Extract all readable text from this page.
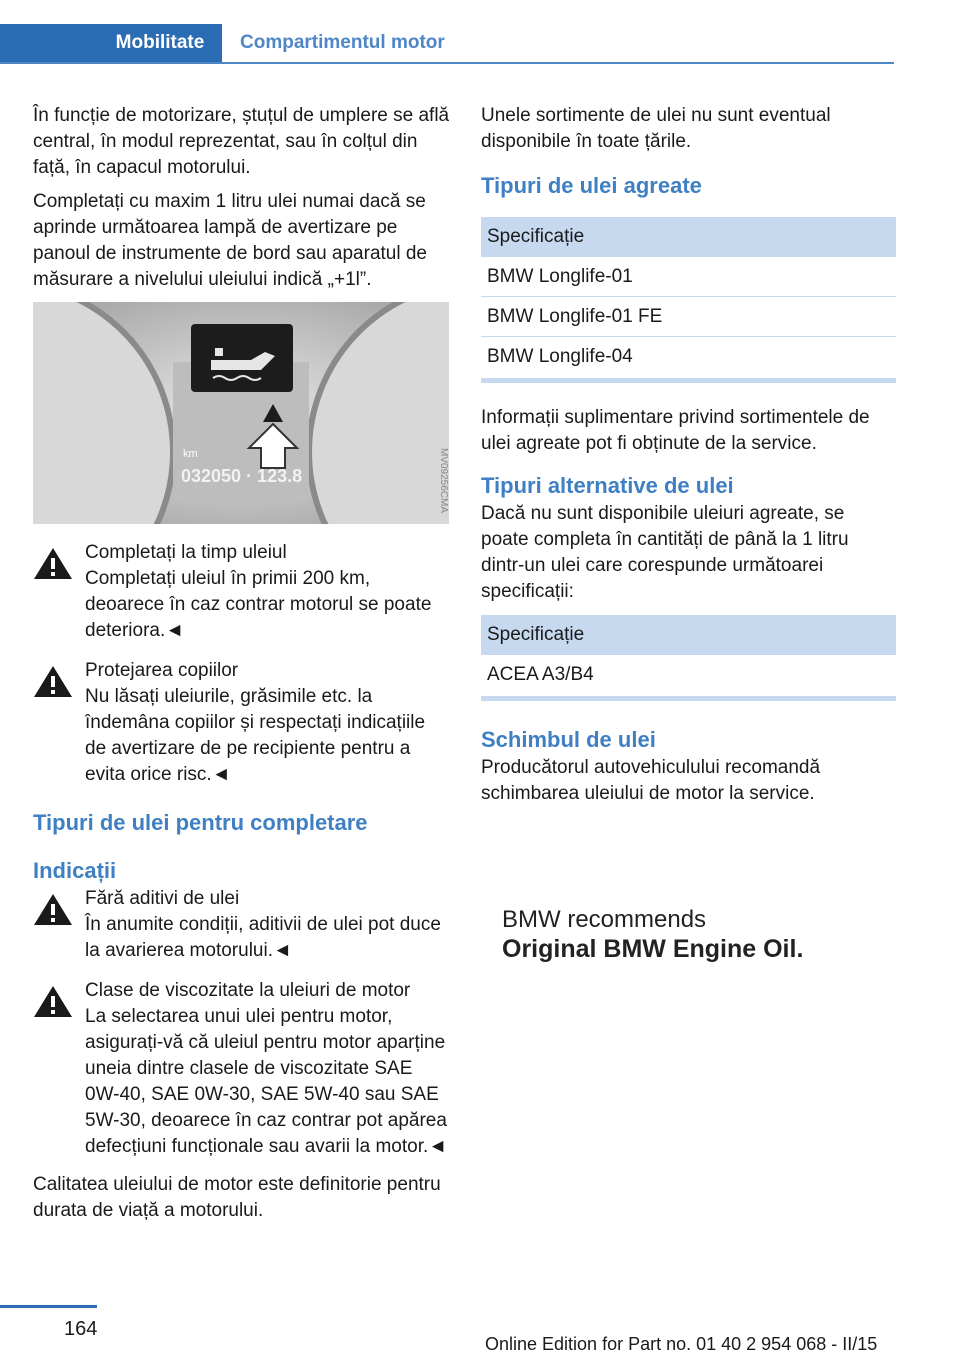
Mobilitate	Compartimentul motor

În funcție de motorizare, ștuțul de umplere se află central, în modul reprezentat, sau în colțul din față, în capacul motorului.

Completați cu maxim 1 litru ulei numai dacă se aprinde următoarea lampă de avertizare pe panoul de instrumente de bord sau aparatul de măsurare a nivelului uleiului indică „+1l”.

km
032050 · 123.8	MV09256CMA
Completați la timp uleiul
Completați uleiul în primii 200 km, deoarece în caz contrar motorul se poate deteriora.◄
Protejarea copiilor
Nu lăsați uleiurile, grăsimile etc. la îndemâna copiilor și respectați indicațiile de avertizare de pe recipiente pentru a evita orice risc.◄
Tipuri de ulei pentru completare
Indicații
Fără aditivi de ulei
În anumite condiții, aditivii de ulei pot duce la avarierea motorului.◄
Clase de viscozitate la uleiuri de motor
La selectarea unui ulei pentru motor, asigurați-vă că uleiul pentru motor aparține uneia dintre clasele de viscozitate SAE 0W-40, SAE 0W-30, SAE 5W-40 sau SAE 5W-30, deoarece în caz contrar pot apărea defecțiuni funcționale sau avarii la motor.◄

Calitatea uleiului de motor este definitorie pentru durata de viață a motorului.

Unele sortimente de ulei nu sunt eventual disponibile în toate țările.

Tipuri de ulei agreate
Specificație
BMW Longlife-01
BMW Longlife-01 FE
BMW Longlife-04

Informații suplimentare privind sortimentele de ulei agreate pot fi obținute de la service.

Tipuri alternative de ulei

Dacă nu sunt disponibile uleiuri agreate, se poate completa în cantități de până la 1 litru dintr-un ulei care corespunde următoarei specificații:

Specificație
ACEA A3/B4
Schimbul de ulei

Producătorul autovehiculului recomandă schimbarea uleiului de motor la service.

BMW recommends
Original BMW Engine Oil.
164
Online Edition for Part no. 01 40 2 954 068 - II/15
